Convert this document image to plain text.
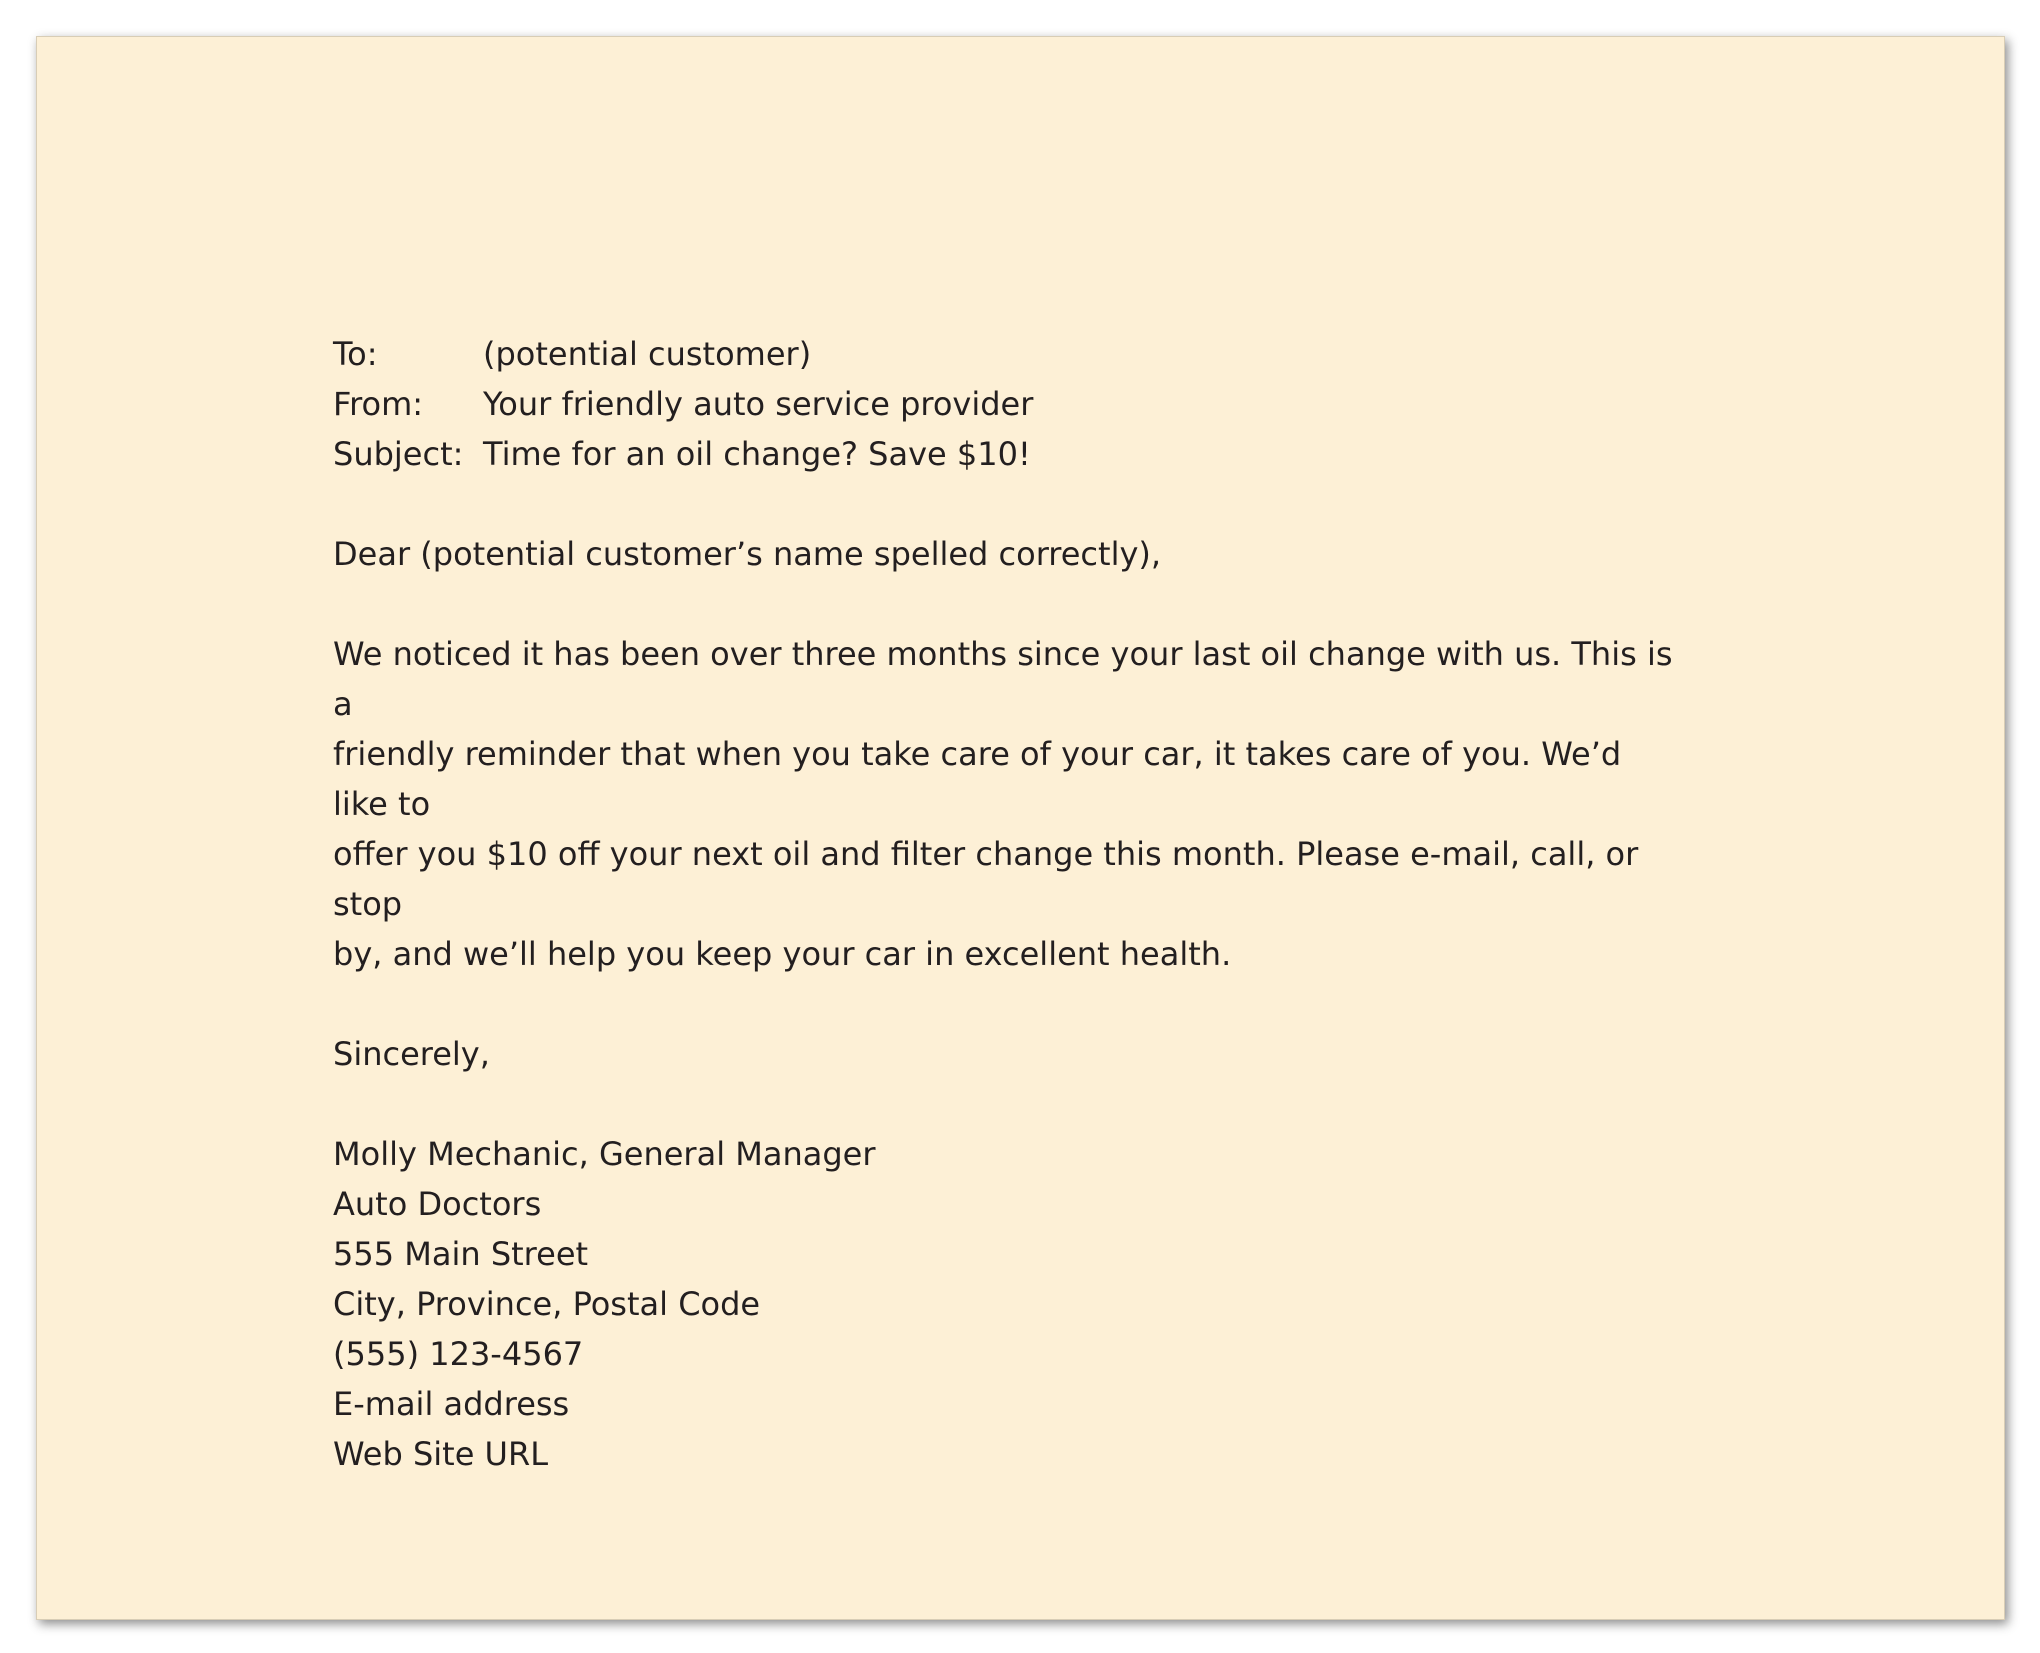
To:	(potential customer)
From:	Your friendly auto service provider
Subject: Time for an oil change? Save $10!
Dear (potential customer’s name spelled correctly),
We noticed it has been over three months since your last oil change with us. This is a
friendly reminder that when you take care of your car, it takes care of you. We’d like to
offer you $10 off your next oil and filter change this month. Please e-mail, call, or stop
by, and we’ll help you keep your car in excellent health.
Sincerely,
Molly Mechanic, General Manager
Auto Doctors
555 Main Street
City, Province, Postal Code
(555) 123-4567
E-mail address
Web Site URL
